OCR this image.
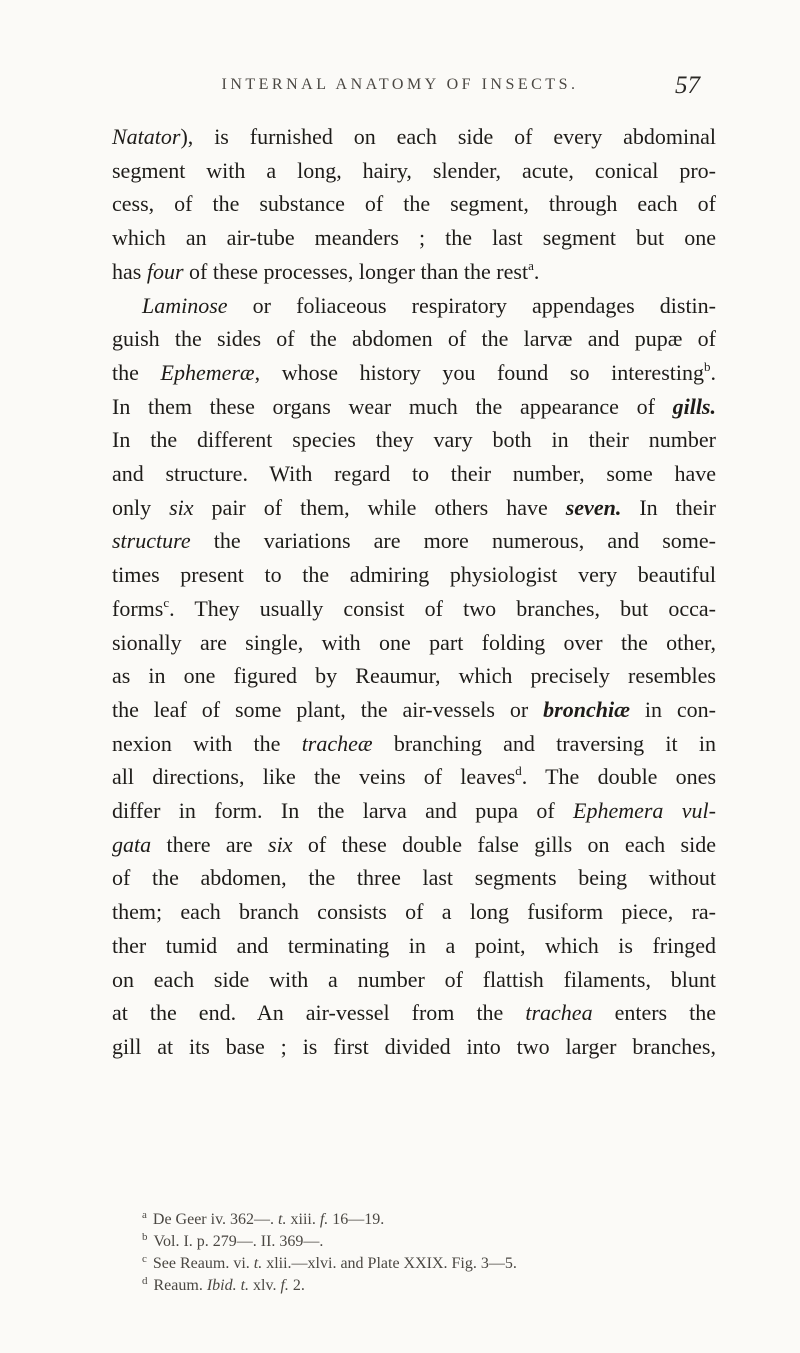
INTERNAL ANATOMY OF INSECTS.	57
Natator), is furnished on each side of every abdominal
segment with a long, hairy, slender, acute, conical pro-
cess, of the substance of the segment, through each of
which an air-tube meanders ; the last segment but one
has four of these processes, longer than the rest$^a$.
Laminose or foliaceous respiratory appendages distin-
guish the sides of the abdomen of the larvæ and pupæ of
the Ephemeræ, whose history you found so interesting$^b$.
In them these organs wear much the appearance of gills.
In the different species they vary both in their number
and structure. With regard to their number, some have
only six pair of them, while others have seven. In their
structure the variations are more numerous, and some-
times present to the admiring physiologist very beautiful
forms$^c$. They usually consist of two branches, but occa-
sionally are single, with one part folding over the other,
as in one figured by Reaumur, which precisely resembles
the leaf of some plant, the air-vessels or bronchiæ in con-
nexion with the tracheæ branching and traversing it in
all directions, like the veins of leaves$^d$. The double ones
differ in form. In the larva and pupa of Ephemera vul-
gata there are six of these double false gills on each side
of the abdomen, the three last segments being without
them; each branch consists of a long fusiform piece, ra-
ther tumid and terminating in a point, which is fringed
on each side with a number of flattish filaments, blunt
at the end. An air-vessel from the trachea enters the
gill at its base ; is first divided into two larger branches,
$^a$ De Geer iv. 362—. t. xiii. f. 16—19.
$^b$ Vol. I. p. 279—. II. 369—.
$^c$ See Reaum. vi. t. xlii.—xlvi. and Plate XXIX. Fig. 3—5.
$^d$ Reaum. Ibid. t. xlv. f. 2.
